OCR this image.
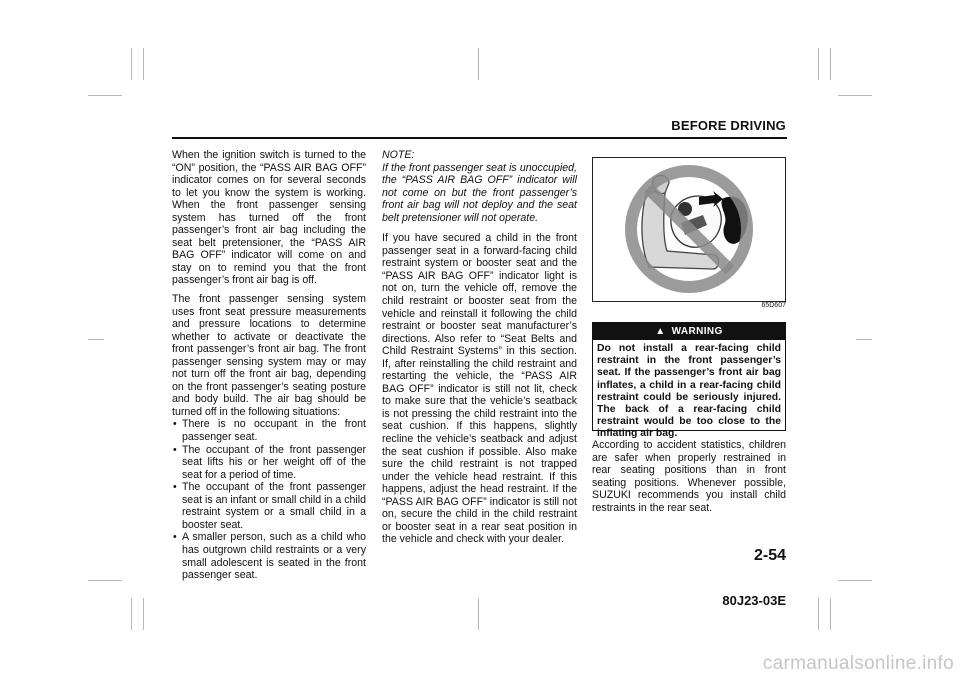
BEFORE DRIVING

When the ignition switch is turned to the “ON” position, the “PASS AIR BAG OFF” indicator comes on for several seconds to let you know the system is working. When the front passenger sensing system has turned off the front passenger’s front air bag including the seat belt pretensioner, the “PASS AIR BAG OFF” indicator will come on and stay on to remind you that the front passenger’s front air bag is off.

The front passenger sensing system uses front seat pressure measurements and pressure locations to determine whether to activate or deactivate the front passenger’s front air bag. The front passenger sensing system may or may not turn off the front air bag, depending on the front passenger’s seating posture and body build. The air bag should be turned off in the following situations:

• There is no occupant in the front passenger seat.
• The occupant of the front passenger seat lifts his or her weight off of the seat for a period of time.
• The occupant of the front passenger seat is an infant or small child in a child restraint system or a small child in a booster seat.
• A smaller person, such as a child who has outgrown child restraints or a very small adolescent is seated in the front passenger seat.
NOTE:

If the front passenger seat is unoccupied, the “PASS AIR BAG OFF” indicator will not come on but the front passenger’s front air bag will not deploy and the seat belt pretensioner will not operate.

If you have secured a child in the front passenger seat in a forward-facing child restraint system or booster seat and the “PASS AIR BAG OFF” indicator light is not on, turn the vehicle off, remove the child restraint or booster seat from the vehicle and reinstall it following the child restraint or booster seat manufacturer’s directions. Also refer to “Seat Belts and Child Restraint Systems” in this section. If, after reinstalling the child restraint and restarting the vehicle, the “PASS AIR BAG OFF” indicator is still not lit, check to make sure that the vehicle’s seatback is not pressing the child restraint into the seat cushion. If this happens, slightly recline the vehicle’s seatback and adjust the seat cushion if possible. Also make sure the child restraint is not trapped under the vehicle head restraint. If this happens, adjust the head restraint. If the “PASS AIR BAG OFF” indicator is still not on, secure the child in the child restraint or booster seat in a rear seat position in the vehicle and check with your dealer.

65D607
▲ WARNING
Do not install a rear-facing child restraint in the front passenger’s seat. If the passenger’s front air bag inflates, a child in a rear-facing child restraint could be seriously injured. The back of a rear-facing child restraint would be too close to the inflating air bag.
According to accident statistics, children are safer when properly restrained in rear seating positions than in front seating positions. Whenever possible, SUZUKI recommends you install child restraints in the rear seat.
2-54
80J23-03E
carmanualsonline.info
